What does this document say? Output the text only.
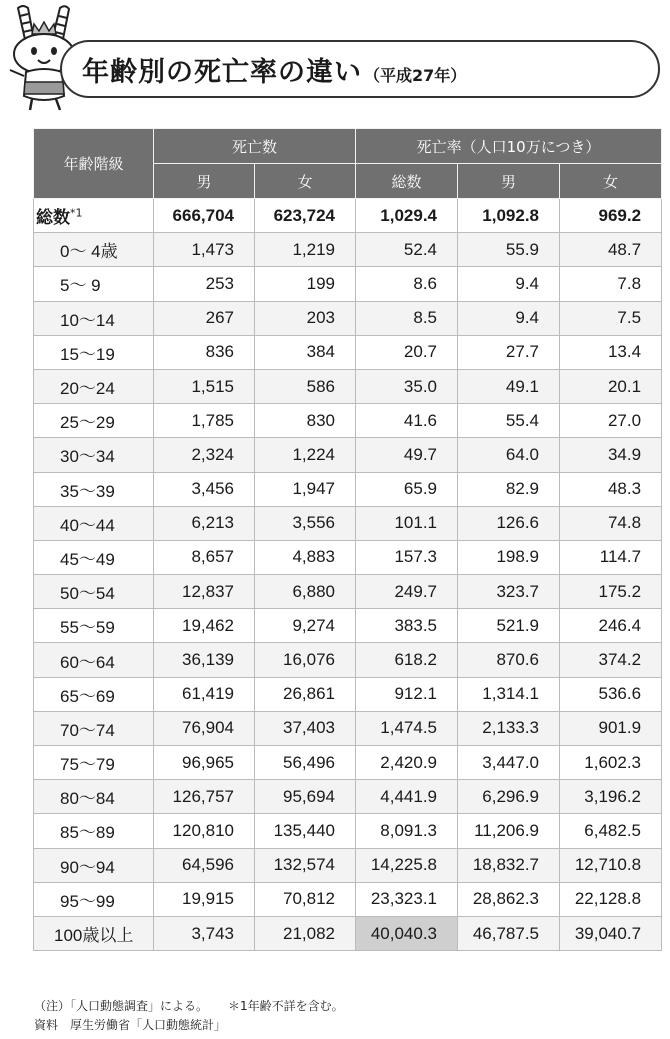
年齢別の死亡率の違い （平成27年）
年齢階級	死亡数		死亡率（人口10万につき）		
	男	女	総数	男	女
総数$^{*1}$	666,704	623,724	1,029.4	1,092.8	969.2
0〜 4歳	1,473	1,219	52.4	55.9	48.7
5〜 9	253	199	8.6	9.4	7.8
10〜14	267	203	8.5	9.4	7.5
15〜19	836	384	20.7	27.7	13.4
20〜24	1,515	586	35.0	49.1	20.1
25〜29	1,785	830	41.6	55.4	27.0
30〜34	2,324	1,224	49.7	64.0	34.9
35〜39	3,456	1,947	65.9	82.9	48.3
40〜44	6,213	3,556	101.1	126.6	74.8
45〜49	8,657	4,883	157.3	198.9	114.7
50〜54	12,837	6,880	249.7	323.7	175.2
55〜59	19,462	9,274	383.5	521.9	246.4
60〜64	36,139	16,076	618.2	870.6	374.2
65〜69	61,419	26,861	912.1	1,314.1	536.6
70〜74	76,904	37,403	1,474.5	2,133.3	901.9
75〜79	96,965	56,496	2,420.9	3,447.0	1,602.3
80〜84	126,757	95,694	4,441.9	6,296.9	3,196.2
85〜89	120,810	135,440	8,091.3	11,206.9	6,482.5
90〜94	64,596	132,574	14,225.8	18,832.7	12,710.8
95〜99	19,915	70,812	23,323.1	28,862.3	22,128.8
100歳以上	3,743	21,082	40,040.3	46,787.5	39,040.7
（注）「人口動態調査」による。 ＊1年齢不詳を含む。
資料　厚生労働省「人口動態統計」
